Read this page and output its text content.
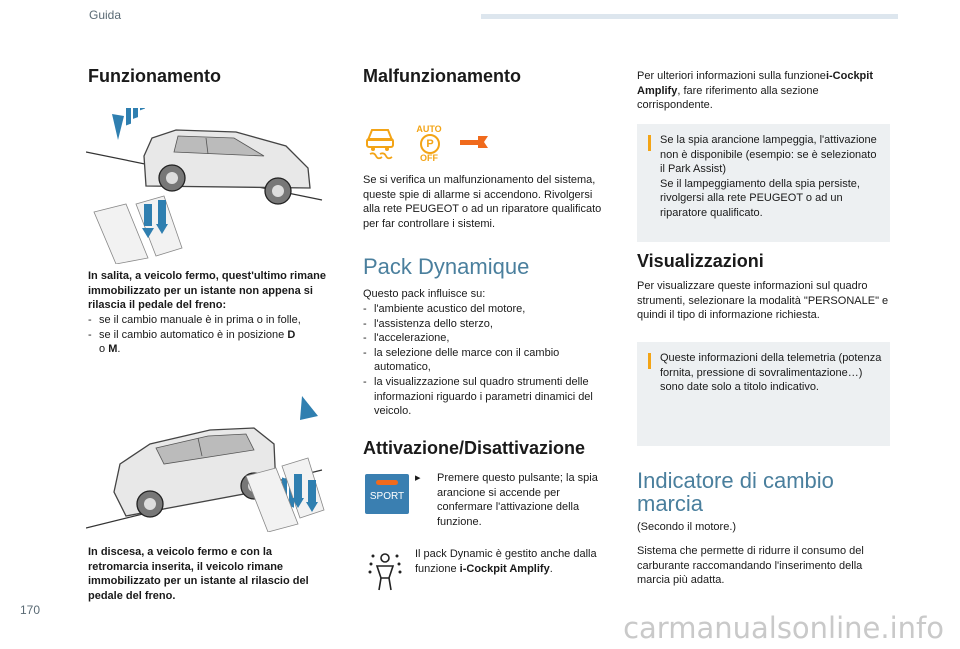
Guida
Funzionamento
In salita, a veicolo fermo, quest'ultimo rimane immobilizzato per un istante non appena si rilascia il pedale del freno:
- se il cambio manuale è in prima o in folle,
- se il cambio automatico è in posizione D
o M.
In discesa, a veicolo fermo e con la retromarcia inserita, il veicolo rimane immobilizzato per un istante al rilascio del pedale del freno.
Malfunzionamento
AUTO
P
OFF
Se si verifica un malfunzionamento del sistema, queste spie di allarme si accendono. Rivolgersi alla rete PEUGEOT o ad un riparatore qualificato per far controllare i sistemi.
Pack Dynamique
Questo pack influisce su:
- l'ambiente acustico del motore,
- l'assistenza dello sterzo,
- l'accelerazione,
- la selezione delle marce con il cambio automatico,
- la visualizzazione sul quadro strumenti delle informazioni riguardo i parametri dinamici del veicolo.
Attivazione/Disattivazione
SPORT
▸	Premere questo pulsante; la spia arancione si accende per confermare l'attivazione della funzione.
Il pack Dynamic è gestito anche dalla funzione i-Cockpit Amplify.
Per ulteriori informazioni sulla funzionei-Cockpit Amplify, fare riferimento alla sezione corrispondente.
Se la spia arancione lampeggia, l'attivazione non è disponibile (esempio: se è selezionato il Park Assist)
Se il lampeggiamento della spia persiste, rivolgersi alla rete PEUGEOT o ad un riparatore qualificato.
Visualizzazioni
Per visualizzare queste informazioni sul quadro strumenti, selezionare la modalità "PERSONALE" e quindi il tipo di informazione richiesta.
Queste informazioni della telemetria (potenza fornita, pressione di sovralimentazione…) sono date solo a titolo indicativo.
Indicatore di cambio marcia
(Secondo il motore.)
Sistema che permette di ridurre il consumo del carburante raccomandando l'inserimento della marcia più adatta.
170
carmanualsonline.info
